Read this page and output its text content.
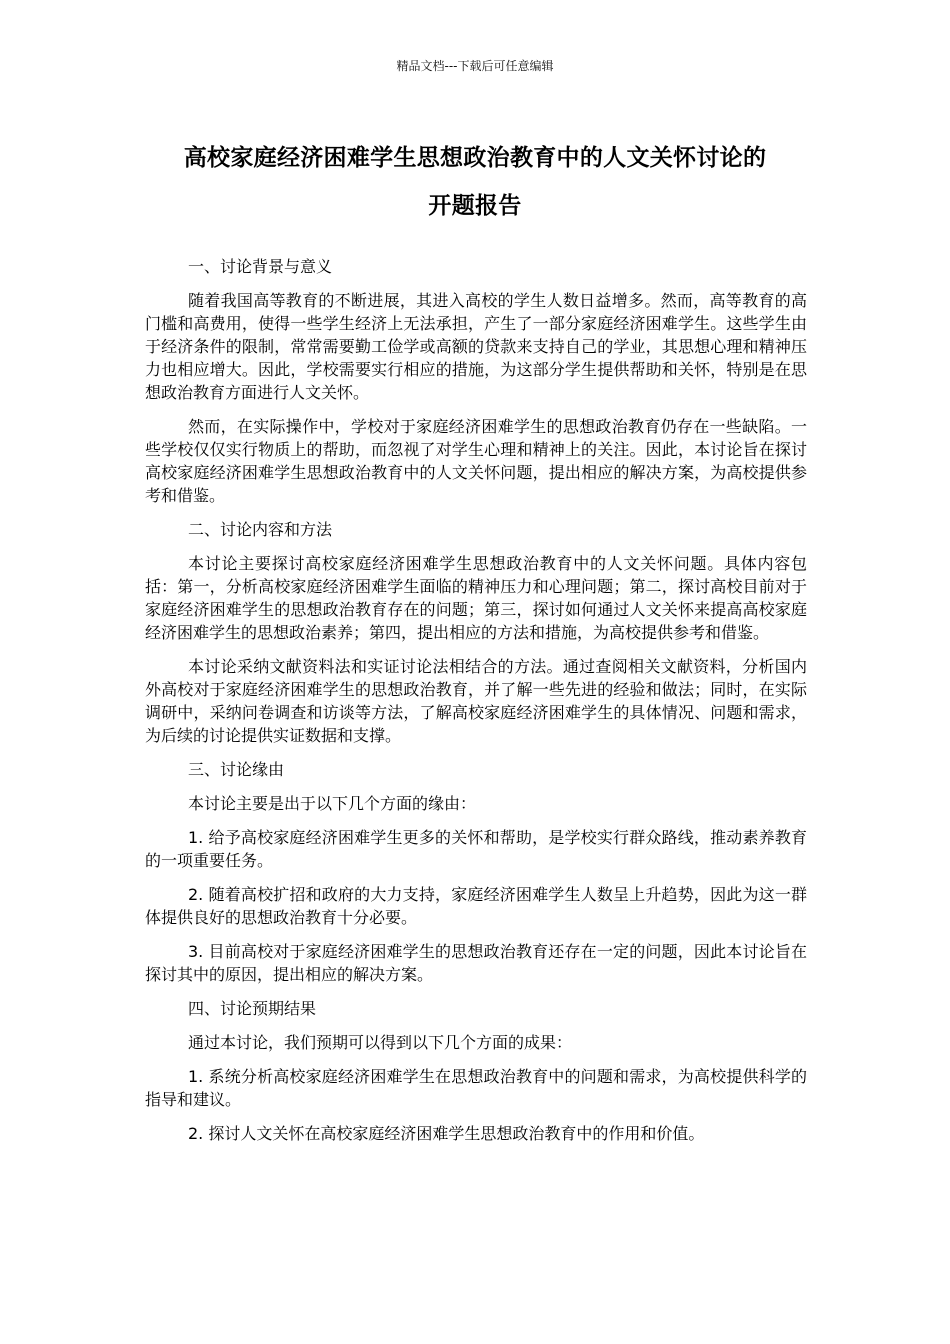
精品文档---下载后可任意编辑
高校家庭经济困难学生思想政治教育中的人文关怀讨论的
开题报告

一、讨论背景与意义

随着我国高等教育的不断进展，其进入高校的学生人数日益增多。然而，高等教育的高门槛和高费用，使得一些学生经济上无法承担，产生了一部分家庭经济困难学生。这些学生由于经济条件的限制，常常需要勤工俭学或高额的贷款来支持自己的学业，其思想心理和精神压力也相应增大。因此，学校需要实行相应的措施，为这部分学生提供帮助和关怀，特别是在思想政治教育方面进行人文关怀。

然而，在实际操作中，学校对于家庭经济困难学生的思想政治教育仍存在一些缺陷。一些学校仅仅实行物质上的帮助，而忽视了对学生心理和精神上的关注。因此，本讨论旨在探讨高校家庭经济困难学生思想政治教育中的人文关怀问题，提出相应的解决方案，为高校提供参考和借鉴。

二、讨论内容和方法

本讨论主要探讨高校家庭经济困难学生思想政治教育中的人文关怀问题。具体内容包括：第一，分析高校家庭经济困难学生面临的精神压力和心理问题；第二，探讨高校目前对于家庭经济困难学生的思想政治教育存在的问题；第三，探讨如何通过人文关怀来提高高校家庭经济困难学生的思想政治素养；第四，提出相应的方法和措施，为高校提供参考和借鉴。

本讨论采纳文献资料法和实证讨论法相结合的方法。通过查阅相关文献资料，分析国内外高校对于家庭经济困难学生的思想政治教育，并了解一些先进的经验和做法；同时，在实际调研中，采纳问卷调查和访谈等方法，了解高校家庭经济困难学生的具体情况、问题和需求，为后续的讨论提供实证数据和支撑。

三、讨论缘由

本讨论主要是出于以下几个方面的缘由：

1. 给予高校家庭经济困难学生更多的关怀和帮助，是学校实行群众路线，推动素养教育的一项重要任务。

2. 随着高校扩招和政府的大力支持，家庭经济困难学生人数呈上升趋势，因此为这一群体提供良好的思想政治教育十分必要。

3. 目前高校对于家庭经济困难学生的思想政治教育还存在一定的问题，因此本讨论旨在探讨其中的原因，提出相应的解决方案。

四、讨论预期结果

通过本讨论，我们预期可以得到以下几个方面的成果：

1. 系统分析高校家庭经济困难学生在思想政治教育中的问题和需求，为高校提供科学的指导和建议。

2. 探讨人文关怀在高校家庭经济困难学生思想政治教育中的作用和价值。
